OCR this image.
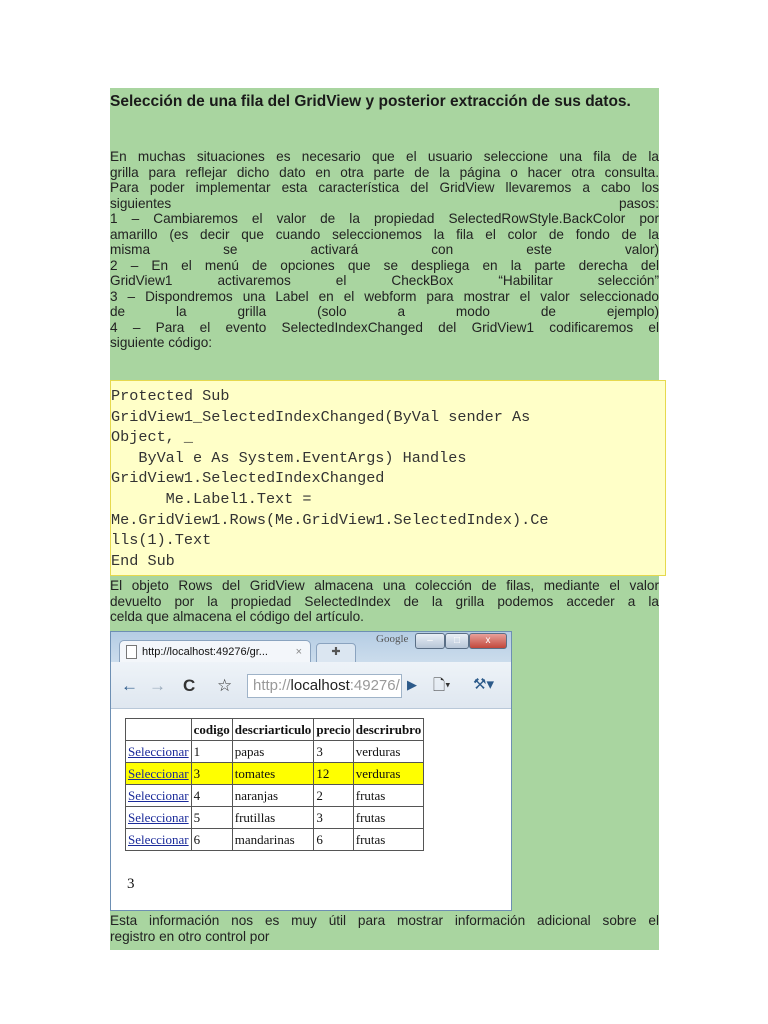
Selección de una fila del GridView y posterior extracción de sus datos.
En muchas situaciones es necesario que el usuario seleccione una fila de la
grilla para reflejar dicho dato en otra parte de la página o hacer otra consulta.
Para poder implementar esta característica del GridView llevaremos a cabo los
siguientes pasos:
1 – Cambiaremos el valor de la propiedad SelectedRowStyle.BackColor por
amarillo (es decir que cuando seleccionemos la fila el color de fondo de la
misma se activará con este valor)
2 – En el menú de opciones que se despliega en la parte derecha del
GridView1 activaremos el CheckBox “Habilitar selección”
3 – Dispondremos una Label en el webform para mostrar el valor seleccionado
de la grilla (solo a modo de ejemplo)
4 – Para el evento SelectedIndexChanged del GridView1 codificaremos el
siguiente código:
Protected Sub
GridView1_SelectedIndexChanged(ByVal sender As
Object, _
ByVal e As System.EventArgs) Handles
GridView1.SelectedIndexChanged
Me.Label1.Text =
Me.GridView1.Rows(Me.GridView1.SelectedIndex).Ce
lls(1).Text
End Sub
El objeto Rows del GridView almacena una colección de filas, mediante el valor
devuelto por la propiedad SelectedIndex de la grilla podemos acceder a la
celda que almacena el código del artículo.
http://localhost:49276/gr...	×	✚
Google	–	□	x
← → C ☆	http://localhost:49276/ ▶ 🗋▾ ⚒▾
	codigo	descriarticulo	precio	descrirubro
Seleccionar	1	papas	3	verduras
Seleccionar	3	tomates	12	verduras
Seleccionar	4	naranjas	2	frutas
Seleccionar	5	frutillas	3	frutas
Seleccionar	6	mandarinas	6	frutas
3
Esta información nos es muy útil para mostrar información adicional sobre el
registro en otro control por
